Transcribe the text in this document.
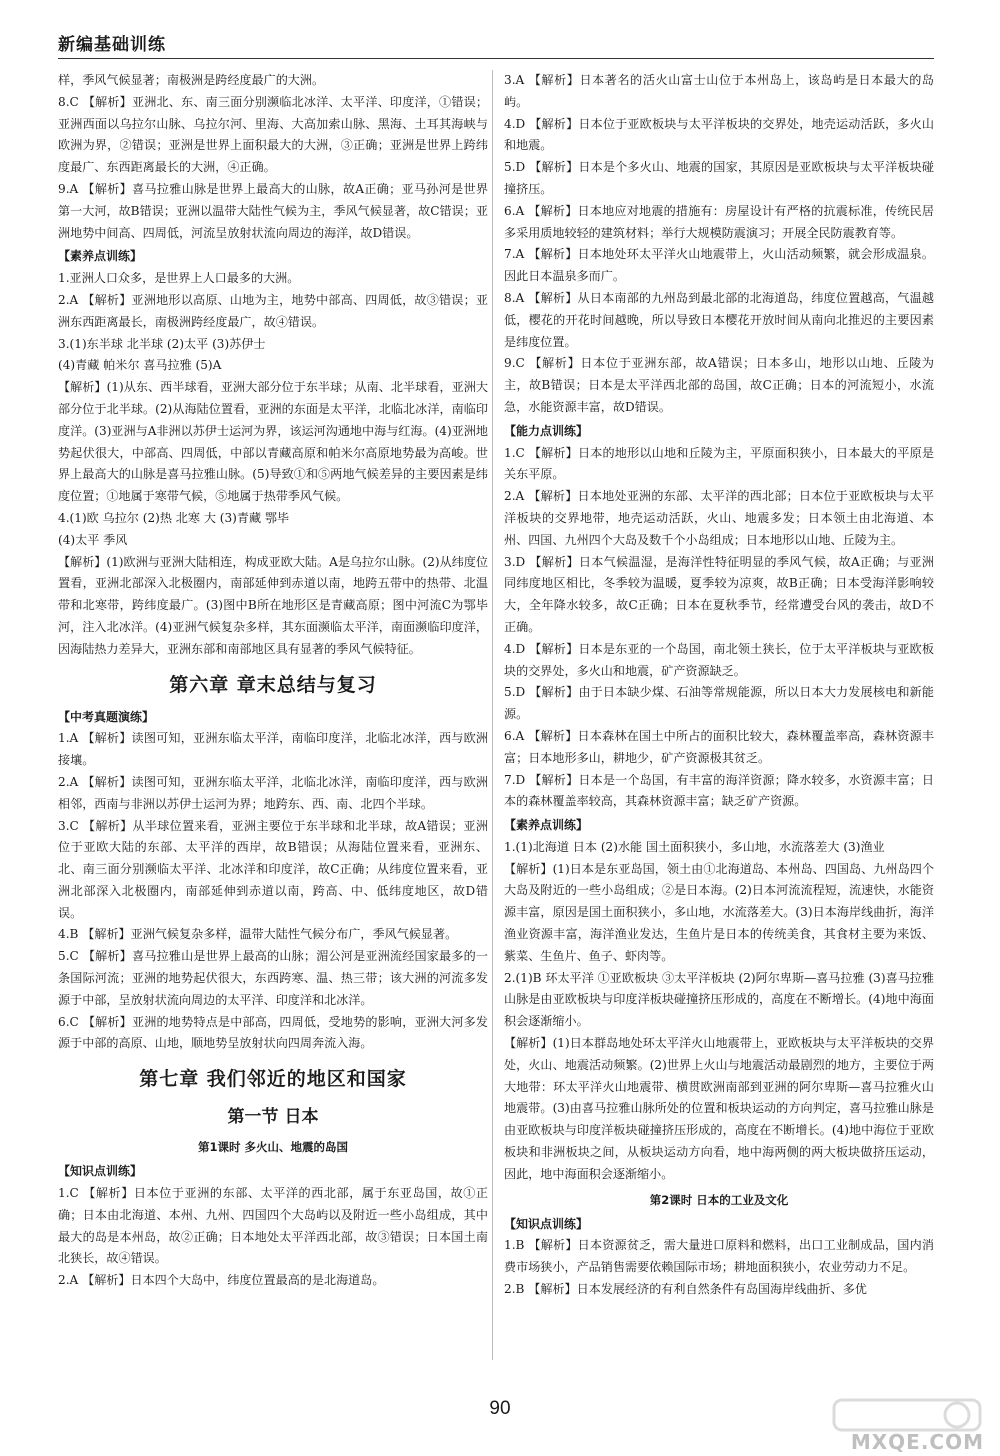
新编基础训练
样，季风气候显著；南极洲是跨经度最广的大洲。
8.C 【解析】亚洲北、东、南三面分别濒临北冰洋、太平洋、印度洋，①错误；亚洲西面以乌拉尔山脉、乌拉尔河、里海、大高加索山脉、黑海、土耳其海峡与欧洲为界，②错误；亚洲是世界上面积最大的大洲，③正确；亚洲是世界上跨纬度最广、东西距离最长的大洲，④正确。
9.A 【解析】喜马拉雅山脉是世界上最高大的山脉，故A正确；亚马孙河是世界第一大河，故B错误；亚洲以温带大陆性气候为主，季风气候显著，故C错误；亚洲地势中间高、四周低，河流呈放射状流向周边的海洋，故D错误。
【素养点训练】
1.亚洲人口众多，是世界上人口最多的大洲。
2.A 【解析】亚洲地形以高原、山地为主，地势中部高、四周低，故③错误；亚洲东西距离最长，南极洲跨经度最广，故④错误。
3.(1)东半球 北半球 (2)太平 (3)苏伊士
(4)青藏 帕米尔 喜马拉雅 (5)A
【解析】(1)从东、西半球看，亚洲大部分位于东半球；从南、北半球看，亚洲大部分位于北半球。(2)从海陆位置看，亚洲的东面是太平洋，北临北冰洋，南临印度洋。(3)亚洲与A非洲以苏伊士运河为界，该运河沟通地中海与红海。(4)亚洲地势起伏很大，中部高、四周低，中部以青藏高原和帕米尔高原地势最为高峻。世界上最高大的山脉是喜马拉雅山脉。(5)导致①和⑤两地气候差异的主要因素是纬度位置；①地属于寒带气候，⑤地属于热带季风气候。
4.(1)欧 乌拉尔 (2)热 北寒 大 (3)青藏 鄂毕
(4)太平 季风
【解析】(1)欧洲与亚洲大陆相连，构成亚欧大陆。A是乌拉尔山脉。(2)从纬度位置看，亚洲北部深入北极圈内，南部延伸到赤道以南，地跨五带中的热带、北温带和北寒带，跨纬度最广。(3)图中B所在地形区是青藏高原；图中河流C为鄂毕河，注入北冰洋。(4)亚洲气候复杂多样，其东面濒临太平洋，南面濒临印度洋，因海陆热力差异大，亚洲东部和南部地区具有显著的季风气候特征。
第六章 章末总结与复习
【中考真题演练】
1.A 【解析】读图可知，亚洲东临太平洋，南临印度洋，北临北冰洋，西与欧洲接壤。
2.A 【解析】读图可知，亚洲东临太平洋，北临北冰洋，南临印度洋，西与欧洲相邻，西南与非洲以苏伊士运河为界；地跨东、西、南、北四个半球。
3.C 【解析】从半球位置来看，亚洲主要位于东半球和北半球，故A错误；亚洲位于亚欧大陆的东部、太平洋的西岸，故B错误；从海陆位置来看，亚洲东、北、南三面分别濒临太平洋、北冰洋和印度洋，故C正确；从纬度位置来看，亚洲北部深入北极圈内，南部延伸到赤道以南，跨高、中、低纬度地区，故D错误。
4.B 【解析】亚洲气候复杂多样，温带大陆性气候分布广，季风气候显著。
5.C 【解析】喜马拉雅山是世界上最高的山脉；湄公河是亚洲流经国家最多的一条国际河流；亚洲的地势起伏很大，东西跨寒、温、热三带；该大洲的河流多发源于中部，呈放射状流向周边的太平洋、印度洋和北冰洋。
6.C 【解析】亚洲的地势特点是中部高，四周低，受地势的影响，亚洲大河多发源于中部的高原、山地，顺地势呈放射状向四周奔流入海。
第七章 我们邻近的地区和国家
第一节 日本
第1课时 多火山、地震的岛国
【知识点训练】
1.C 【解析】日本位于亚洲的东部、太平洋的西北部，属于东亚岛国，故①正确；日本由北海道、本州、九州、四国四个大岛屿以及附近一些小岛组成，其中最大的岛是本州岛，故②正确；日本地处太平洋西北部，故③错误；日本国土南北狭长，故④错误。
2.A 【解析】日本四个大岛中，纬度位置最高的是北海道岛。
3.A 【解析】日本著名的活火山富士山位于本州岛上，该岛屿是日本最大的岛屿。
4.D 【解析】日本位于亚欧板块与太平洋板块的交界处，地壳运动活跃，多火山和地震。
5.D 【解析】日本是个多火山、地震的国家，其原因是亚欧板块与太平洋板块碰撞挤压。
6.A 【解析】日本地应对地震的措施有：房屋设计有严格的抗震标准，传统民居多采用质地较轻的建筑材料；举行大规模防震演习；开展全民防震教育等。
7.A 【解析】日本地处环太平洋火山地震带上，火山活动频繁，就会形成温泉。因此日本温泉多而广。
8.A 【解析】从日本南部的九州岛到最北部的北海道岛，纬度位置越高，气温越低，樱花的开花时间越晚，所以导致日本樱花开放时间从南向北推迟的主要因素是纬度位置。
9.C 【解析】日本位于亚洲东部，故A错误；日本多山，地形以山地、丘陵为主，故B错误；日本是太平洋西北部的岛国，故C正确；日本的河流短小，水流急，水能资源丰富，故D错误。
【能力点训练】
1.C 【解析】日本的地形以山地和丘陵为主，平原面积狭小，日本最大的平原是关东平原。
2.A 【解析】日本地处亚洲的东部、太平洋的西北部；日本位于亚欧板块与太平洋板块的交界地带，地壳运动活跃，火山、地震多发；日本领土由北海道、本州、四国、九州四个大岛及数千个小岛组成；日本地形以山地、丘陵为主。
3.D 【解析】日本气候温湿，是海洋性特征明显的季风气候，故A正确；与亚洲同纬度地区相比，冬季较为温暖，夏季较为凉爽，故B正确；日本受海洋影响较大，全年降水较多，故C正确；日本在夏秋季节，经常遭受台风的袭击，故D不正确。
4.D 【解析】日本是东亚的一个岛国，南北领土狭长，位于太平洋板块与亚欧板块的交界处，多火山和地震，矿产资源缺乏。
5.D 【解析】由于日本缺少煤、石油等常规能源，所以日本大力发展核电和新能源。
6.A 【解析】日本森林在国土中所占的面积比较大，森林覆盖率高，森林资源丰富；日本地形多山，耕地少，矿产资源极其贫乏。
7.D 【解析】日本是一个岛国，有丰富的海洋资源；降水较多，水资源丰富；日本的森林覆盖率较高，其森林资源丰富；缺乏矿产资源。
【素养点训练】
1.(1)北海道 日本 (2)水能 国土面积狭小，多山地，水流落差大 (3)渔业
【解析】(1)日本是东亚岛国，领土由①北海道岛、本州岛、四国岛、九州岛四个大岛及附近的一些小岛组成；②是日本海。(2)日本河流流程短，流速快，水能资源丰富，原因是国土面积狭小，多山地，水流落差大。(3)日本海岸线曲折，海洋渔业资源丰富，海洋渔业发达，生鱼片是日本的传统美食，其食材主要为来饭、紫菜、生鱼片、鱼子、虾肉等。
2.(1)B 环太平洋 ①亚欧板块 ③太平洋板块 (2)阿尔卑斯—喜马拉雅 (3)喜马拉雅山脉是由亚欧板块与印度洋板块碰撞挤压形成的，高度在不断增长。(4)地中海面积会逐渐缩小。
【解析】(1)日本群岛地处环太平洋火山地震带上，亚欧板块与太平洋板块的交界处，火山、地震活动频繁。(2)世界上火山与地震活动最剧烈的地方，主要位于两大地带：环太平洋火山地震带、横贯欧洲南部到亚洲的阿尔卑斯—喜马拉雅火山地震带。(3)由喜马拉雅山脉所处的位置和板块运动的方向判定，喜马拉雅山脉是由亚欧板块与印度洋板块碰撞挤压形成的，高度在不断增长。(4)地中海位于亚欧板块和非洲板块之间，从板块运动方向看，地中海两侧的两大板块做挤压运动，因此，地中海面积会逐渐缩小。
第2课时 日本的工业及文化
【知识点训练】
1.B 【解析】日本资源贫乏，需大量进口原料和燃料，出口工业制成品，国内消费市场狭小，产品销售需要依赖国际市场；耕地面积狭小，农业劳动力不足。
2.B 【解析】日本发展经济的有利自然条件有岛国海岸线曲折、多优
90
MXQE.COM
